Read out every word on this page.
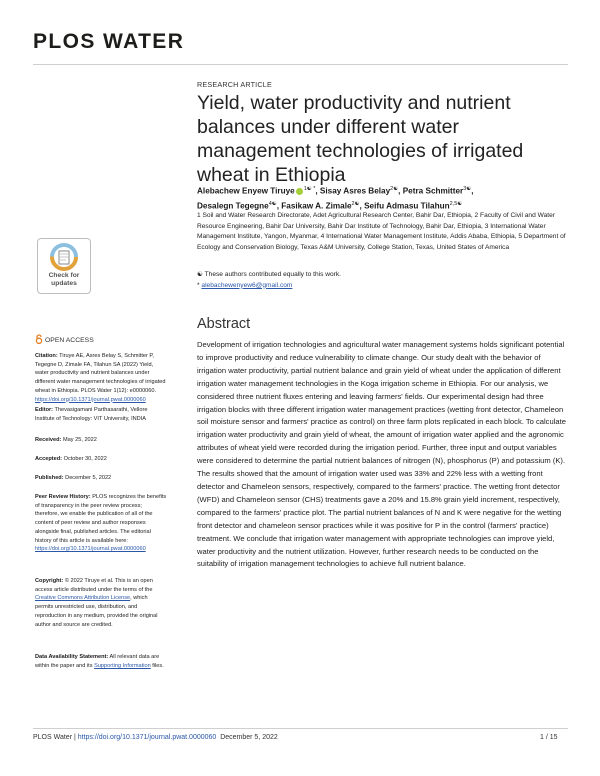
PLOS WATER
Check for updates
OPEN ACCESS
Citation: Tiruye AE, Asres Belay S, Schmitter P, Tegegne D, Zimale FA, Tilahun SA (2022) Yield, water productivity and nutrient balances under different water management technologies of irrigated wheat in Ethiopia. PLOS Water 1(12): e0000060. https://doi.org/10.1371/journal.pwat.0000060
Editor: Thevasigamani Parthasarathi, Vellore Institute of Technology: VIT University, INDIA
Received: May 25, 2022
Accepted: October 30, 2022
Published: December 5, 2022
Peer Review History: PLOS recognizes the benefits of transparency in the peer review process; therefore, we enable the publication of all of the content of peer review and author responses alongside final, published articles. The editorial history of this article is available here: https://doi.org/10.1371/journal.pwat.0000060
Copyright: © 2022 Tiruye et al. This is an open access article distributed under the terms of the Creative Commons Attribution License, which permits unrestricted use, distribution, and reproduction in any medium, provided the original author and source are credited.
Data Availability Statement: All relevant data are within the paper and its Supporting Information files.
RESEARCH ARTICLE
Yield, water productivity and nutrient balances under different water management technologies of irrigated wheat in Ethiopia
Alebachew Enyew Tiruye $^{1☯ *}$, Sisay Asres Belay$^{2☯}$, Petra Schmitter$^{3☯}$,
Desalegn Tegegne$^{4☯}$, Fasikaw A. Zimale$^{2☯}$, Seifu Admasu Tilahun$^{2,5☯}$
1 Soil and Water Research Directorate, Adet Agricultural Research Center, Bahir Dar, Ethiopia, 2 Faculty of Civil and Water Resource Engineering, Bahir Dar University, Bahir Dar Institute of Technology, Bahir Dar, Ethiopia, 3 International Water Management Institute, Yangon, Myanmar, 4 International Water Management Institute, Addis Ababa, Ethiopia, 5 Department of Ecology and Conservation Biology, Texas A&M University, College Station, Texas, United States of America
☯ These authors contributed equally to this work.
* alebachewenyew6@gmail.com
Abstract
Development of irrigation technologies and agricultural water management systems holds significant potential to improve productivity and reduce vulnerability to climate change. Our study dealt with the behavior of irrigation water productivity, partial nutrient balance and grain yield of wheat under the application of different irrigation water management technologies in the Koga irrigation scheme in Ethiopia. For our analysis, we considered three nutrient fluxes entering and leaving farmers' fields. Our experimental design had three irrigation blocks with three different irrigation water management practices (wetting front detector, Chameleon soil moisture sensor and farmers' practice as control) on three farm plots replicated in each block. To calculate irrigation water productivity and grain yield of wheat, the amount of irrigation water applied and the agronomic attributes of wheat yield were recorded during the irrigation period. Further, three input and output variables were considered to determine the partial nutrient balances of nitrogen (N), phosphorus (P) and potassium (K). The results showed that the amount of irrigation water used was 33% and 22% less with a wetting front detector and Chameleon sensors, respectively, compared to the farmers' practice. The wetting front detector (WFD) and Chameleon sensor (CHS) treatments gave a 20% and 15.8% grain yield increment, respectively, compared to the farmers' practice plot. The partial nutrient balances of N and K were negative for the wetting front detector and chameleon sensor practices while it was positive for P in the control (farmers' practice) treatment. We conclude that irrigation water management with appropriate technologies can improve yield, water productivity and the nutrient utilization. However, further research needs to be conducted on the suitability of irrigation management technologies to achieve full nutrient balance.
PLOS Water | https://doi.org/10.1371/journal.pwat.0000060  December 5, 2022	1 / 15
